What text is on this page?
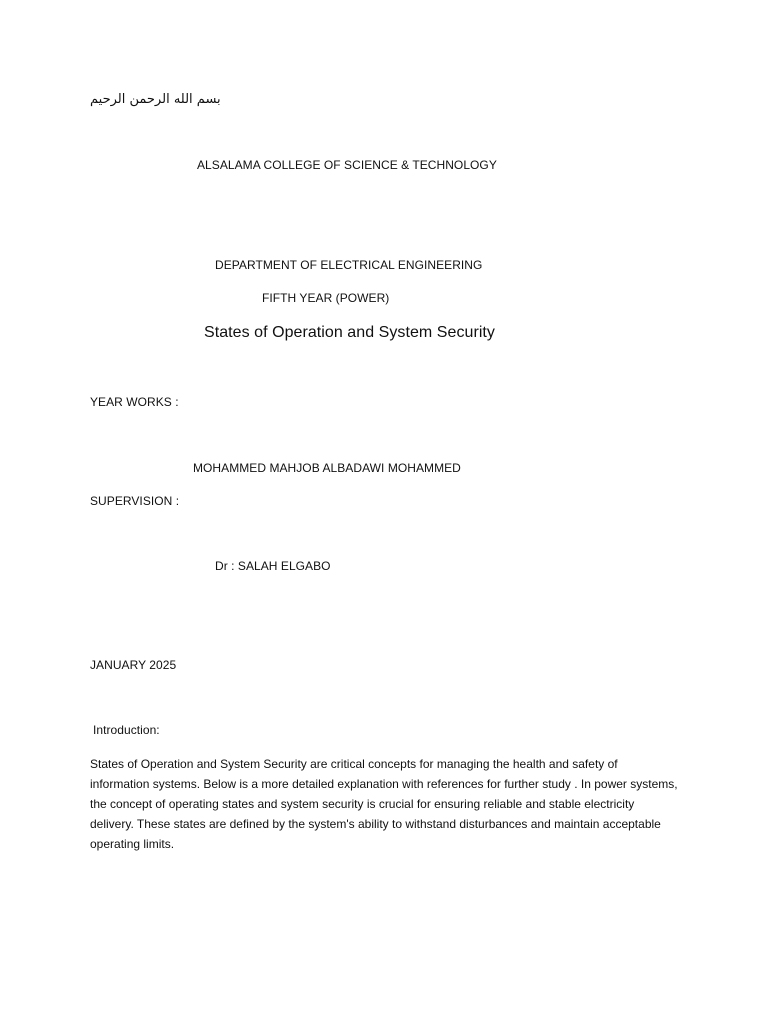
بسم الله الرحمن الرحيم
ALSALAMA COLLEGE OF SCIENCE & TECHNOLOGY
DEPARTMENT OF ELECTRICAL ENGINEERING
FIFTH YEAR (POWER)
States of Operation and System Security
YEAR WORKS :
MOHAMMED MAHJOB ALBADAWI MOHAMMED
SUPERVISION :
Dr : SALAH ELGABO
JANUARY 2025
Introduction:
States of Operation and System Security are critical concepts for managing the health and safety of information systems. Below is a more detailed explanation with references for further study . In power systems, the concept of operating states and system security is crucial for ensuring reliable and stable electricity delivery. These states are defined by the system's ability to withstand disturbances and maintain acceptable operating limits.
